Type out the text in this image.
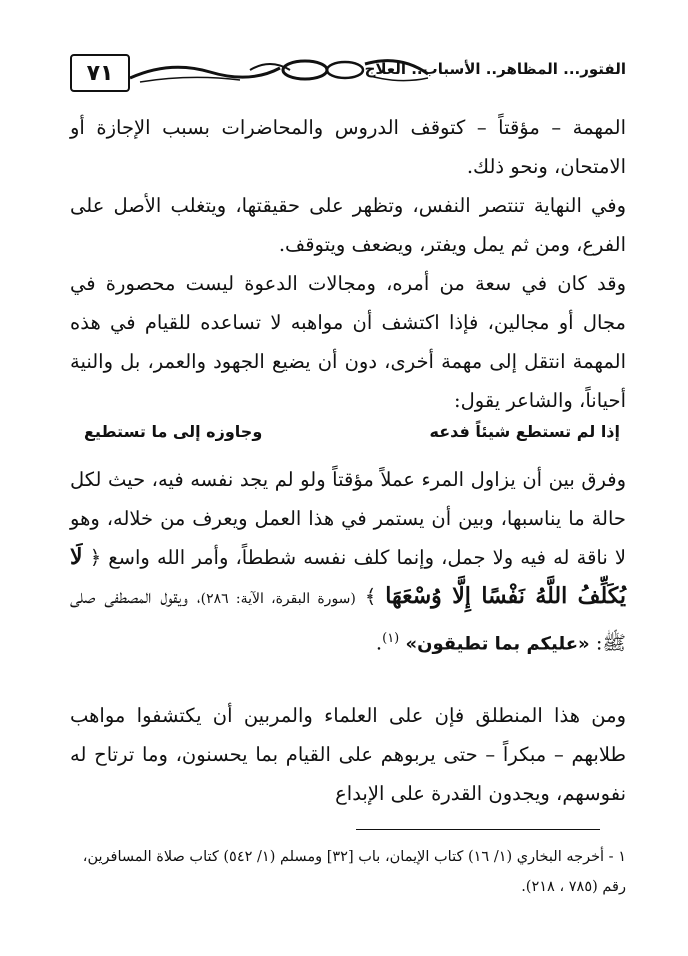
٧١	الفتور... المظاهر.. الأسباب.. العلاج
المهمة – مؤقتاً – كتوقف الدروس والمحاضرات بسبب الإجازة أو الامتحان، ونحو ذلك.
وفي النهاية تنتصر النفس، وتظهر على حقيقتها، ويتغلب الأصل على الفرع، ومن ثم يمل ويفتر، ويضعف ويتوقف.
وقد كان في سعة من أمره، ومجالات الدعوة ليست محصورة في مجال أو مجالين، فإذا اكتشف أن مواهبه لا تساعده للقيام في هذه المهمة انتقل إلى مهمة أخرى، دون أن يضيع الجهود والعمر، بل والنية أحياناً، والشاعر يقول:
إذا لم تستطع شيئاً فدعه
وجاوزه إلى ما تستطيع
وفرق بين أن يزاول المرء عملاً مؤقتاً ولو لم يجد نفسه فيه، حيث لكل حالة ما يناسبها، وبين أن يستمر في هذا العمل ويعرف من خلاله، وهو لا ناقة له فيه ولا جمل، وإنما كلف نفسه شططاً، وأمر الله واسع ﴿ لَا يُكَلِّفُ اللَّهُ نَفْسًا إِلَّا وُسْعَهَا ﴾ (سورة البقرة، الآية: ٢٨٦)، ويقول المصطفى صلى ﷺ: «عليكم بما تطيقون» $^{(١)}$.
ومن هذا المنطلق فإن على العلماء والمربين أن يكتشفوا مواهب طلابهم – مبكراً – حتى يربوهم على القيام بما يحسنون، وما ترتاح له نفوسهم، ويجدون القدرة على الإبداع
١ - أخرجه البخاري (١/ ١٦) كتاب الإيمان، باب [٣٢] ومسلم (١/ ٥٤٢) كتاب صلاة المسافرين، رقم (٧٨٥ ، ٢١٨).
